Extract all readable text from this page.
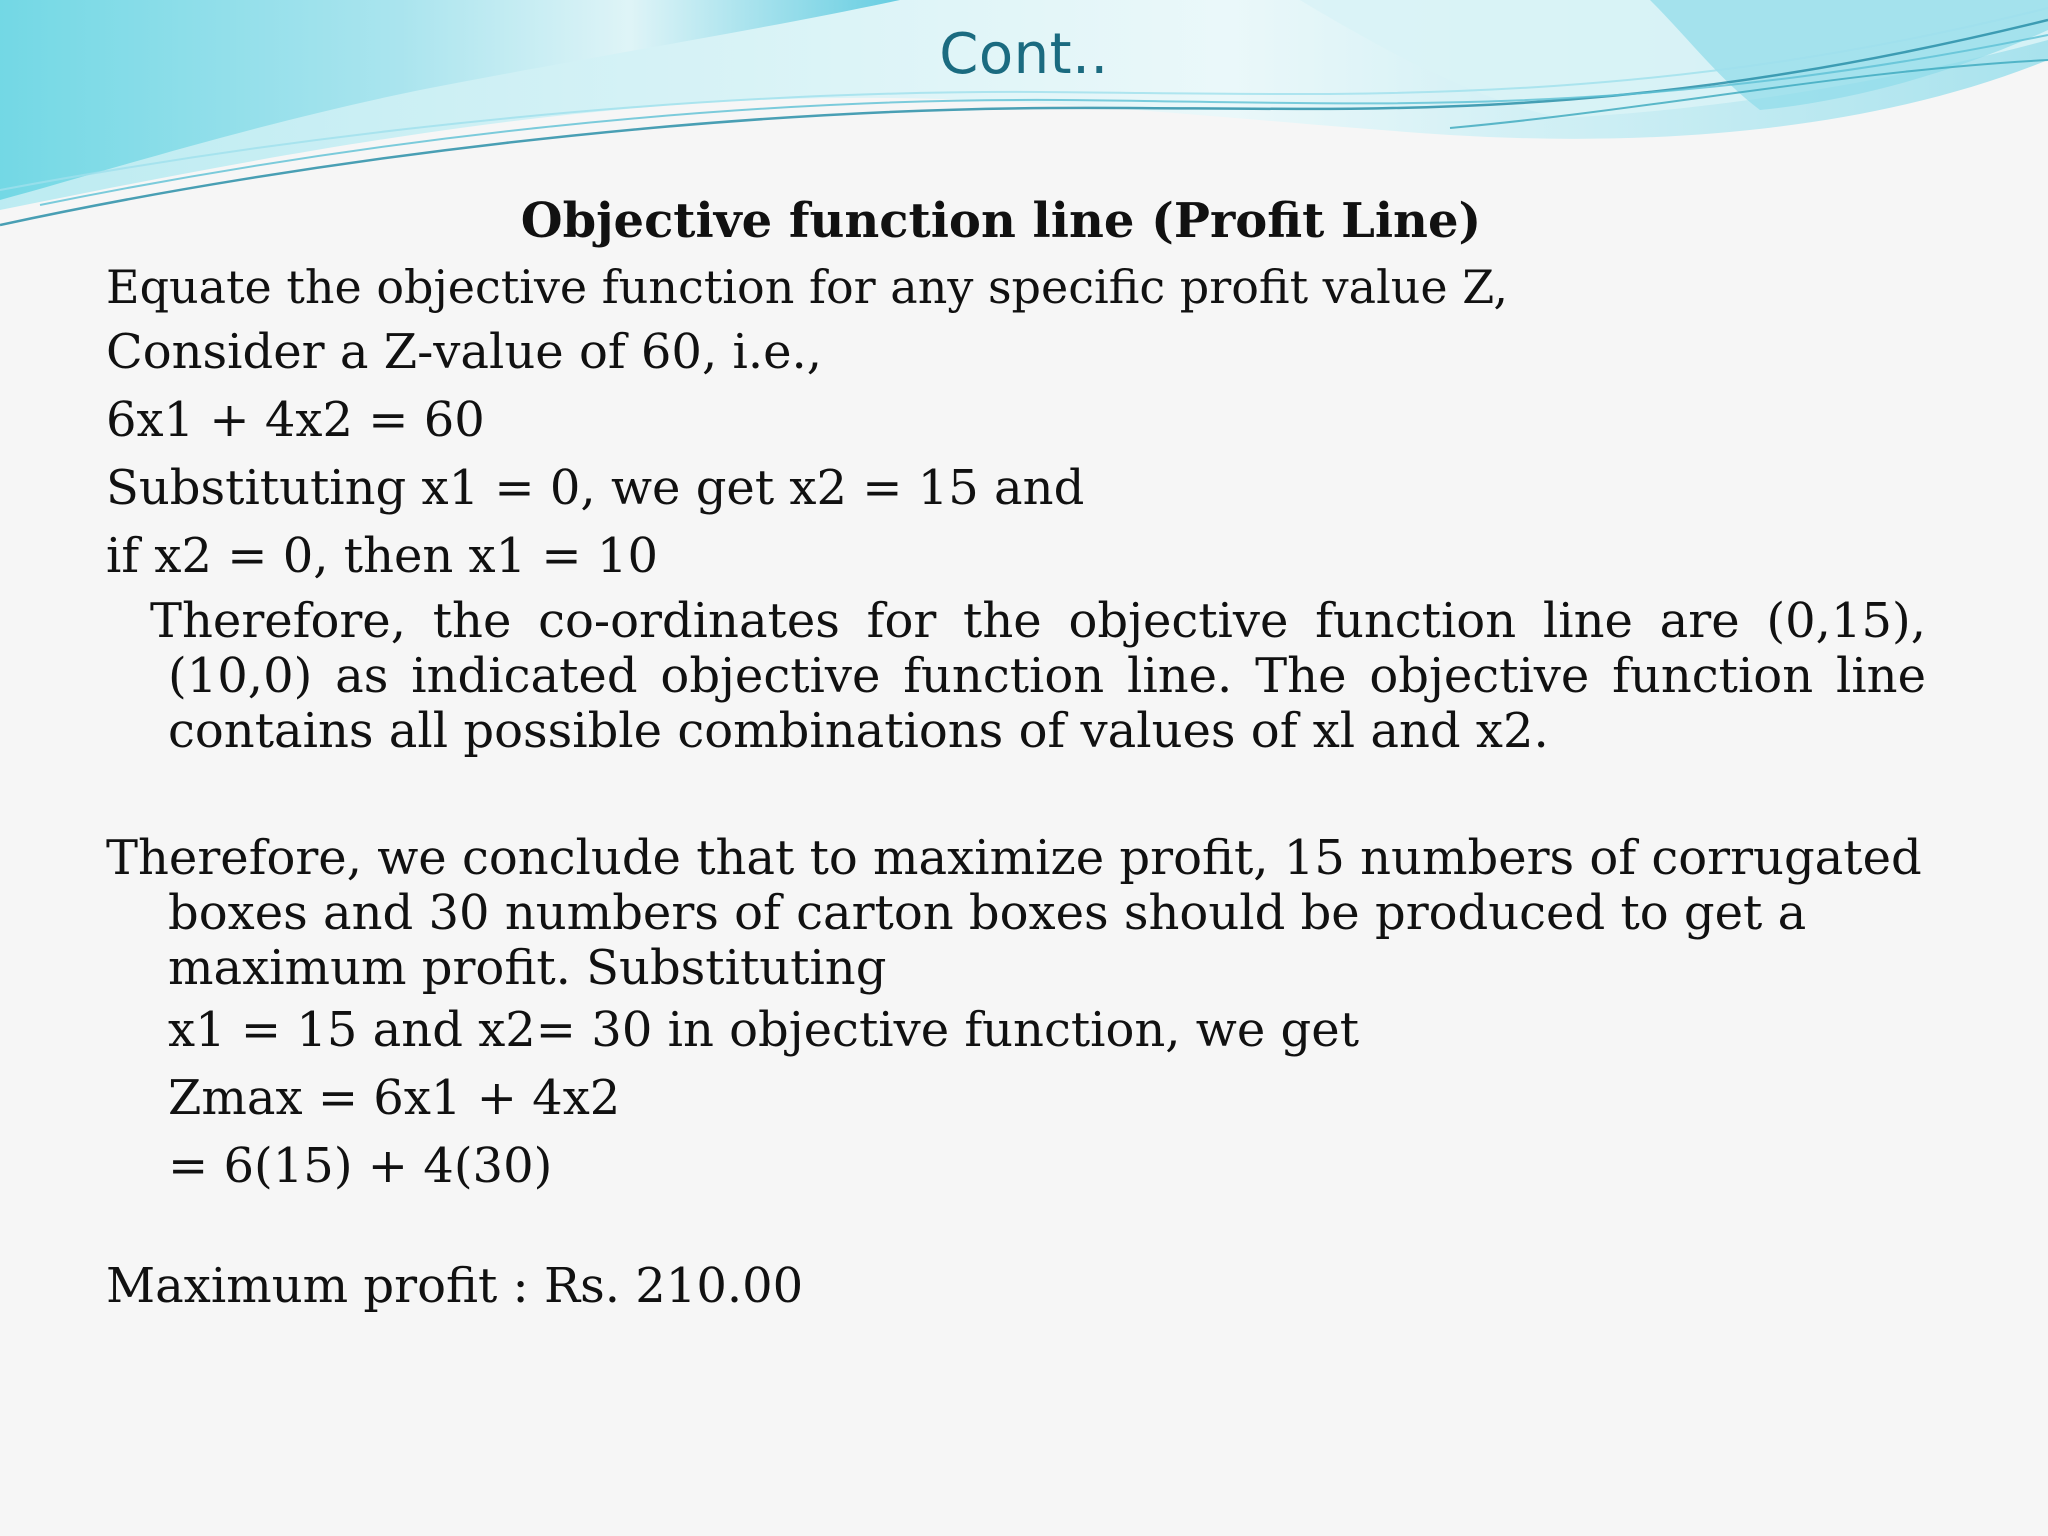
Cont..
Objective function line (Profit Line)
Equate the objective function for any specific profit value Z,
Consider a Z-value of 60, i.e.,
6x1 + 4x2 = 60
Substituting x1 = 0, we get x2 = 15 and
if x2 = 0, then x1 = 10
Therefore, the co-ordinates for the objective function line are (0,15), (10,0) as indicated objective function line. The objective function line contains all possible combinations of values of xl and x2.
Therefore, we conclude that to maximize profit, 15 numbers of corrugated boxes and 30 numbers of carton boxes should be produced to get a maximum profit. Substituting
x1 = 15 and x2= 30 in objective function, we get
Zmax = 6x1 + 4x2
= 6(15) + 4(30)
Maximum profit : Rs. 210.00
